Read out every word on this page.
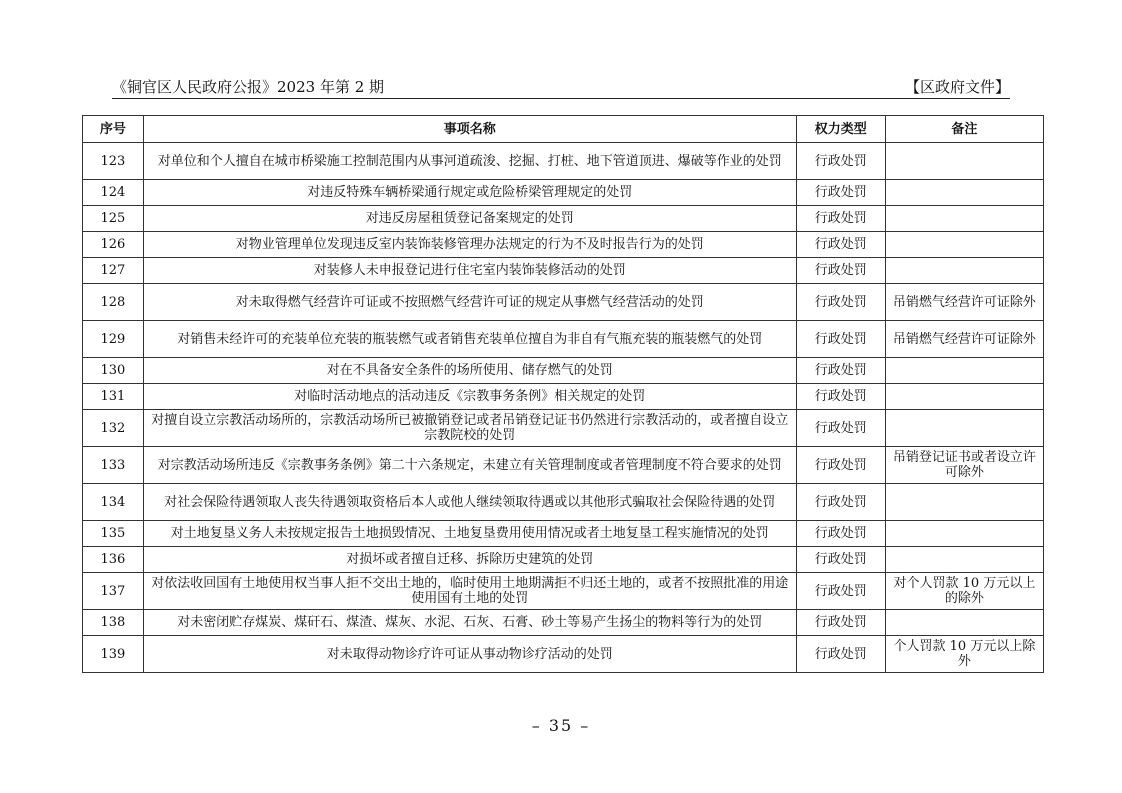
《铜官区人民政府公报》2023 年第 2 期	【区政府文件】
序号	事项名称	权力类型	备注
123	对单位和个人擅自在城市桥梁施工控制范围内从事河道疏浚、挖掘、打桩、地下管道顶进、爆破等作业的处罚	行政处罚	
124	对违反特殊车辆桥梁通行规定或危险桥梁管理规定的处罚	行政处罚	
125	对违反房屋租赁登记备案规定的处罚	行政处罚	
126	对物业管理单位发现违反室内装饰装修管理办法规定的行为不及时报告行为的处罚	行政处罚	
127	对装修人未申报登记进行住宅室内装饰装修活动的处罚	行政处罚	
128	对未取得燃气经营许可证或不按照燃气经营许可证的规定从事燃气经营活动的处罚	行政处罚	吊销燃气经营许可证除外
129	对销售未经许可的充装单位充装的瓶装燃气或者销售充装单位擅自为非自有气瓶充装的瓶装燃气的处罚	行政处罚	吊销燃气经营许可证除外
130	对在不具备安全条件的场所使用、储存燃气的处罚	行政处罚	
131	对临时活动地点的活动违反《宗教事务条例》相关规定的处罚	行政处罚	
132	对擅自设立宗教活动场所的，宗教活动场所已被撤销登记或者吊销登记证书仍然进行宗教活动的，或者擅自设立宗教院校的处罚	行政处罚	
133	对宗教活动场所违反《宗教事务条例》第二十六条规定，未建立有关管理制度或者管理制度不符合要求的处罚	行政处罚	吊销登记证书或者设立许可除外
134	对社会保险待遇领取人丧失待遇领取资格后本人或他人继续领取待遇或以其他形式骗取社会保险待遇的处罚	行政处罚	
135	对土地复垦义务人未按规定报告土地损毁情况、土地复垦费用使用情况或者土地复垦工程实施情况的处罚	行政处罚	
136	对损坏或者擅自迁移、拆除历史建筑的处罚	行政处罚	
137	对依法收回国有土地使用权当事人拒不交出土地的，临时使用土地期满拒不归还土地的，或者不按照批准的用途使用国有土地的处罚	行政处罚	对个人罚款 10 万元以上的除外
138	对未密闭贮存煤炭、煤矸石、煤渣、煤灰、水泥、石灰、石膏、砂土等易产生扬尘的物料等行为的处罚	行政处罚	
139	对未取得动物诊疗许可证从事动物诊疗活动的处罚	行政处罚	个人罚款 10 万元以上除外
– 35 –
